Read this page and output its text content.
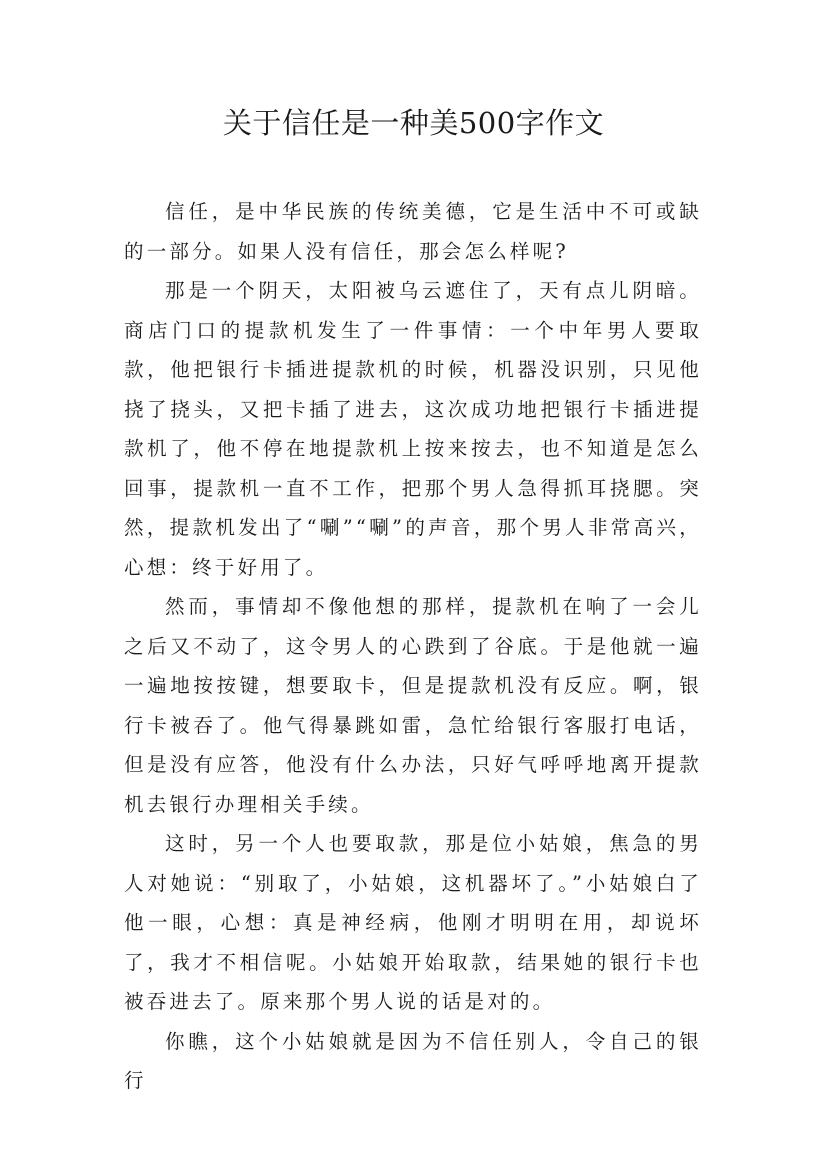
关于信任是一种美500字作文

信任，是中华民族的传统美德，它是生活中不可或缺的一部分。如果人没有信任，那会怎么样呢?

那是一个阴天，太阳被乌云遮住了，天有点儿阴暗。商店门口的提款机发生了一件事情：一个中年男人要取款，他把银行卡插进提款机的时候，机器没识别，只见他挠了挠头，又把卡插了进去，这次成功地把银行卡插进提款机了，他不停在地提款机上按来按去，也不知道是怎么回事，提款机一直不工作，把那个男人急得抓耳挠腮。突然，提款机发出了“唰”“唰”的声音，那个男人非常高兴，心想：终于好用了。

然而，事情却不像他想的那样，提款机在响了一会儿之后又不动了，这令男人的心跌到了谷底。于是他就一遍一遍地按按键，想要取卡，但是提款机没有反应。啊，银行卡被吞了。他气得暴跳如雷，急忙给银行客服打电话，但是没有应答，他没有什么办法，只好气呼呼地离开提款机去银行办理相关手续。

这时，另一个人也要取款，那是位小姑娘，焦急的男人对她说：“别取了，小姑娘，这机器坏了。”小姑娘白了他一眼，心想：真是神经病，他刚才明明在用，却说坏了，我才不相信呢。小姑娘开始取款，结果她的银行卡也被吞进去了。原来那个男人说的话是对的。

你瞧，这个小姑娘就是因为不信任别人，令自己的银行
